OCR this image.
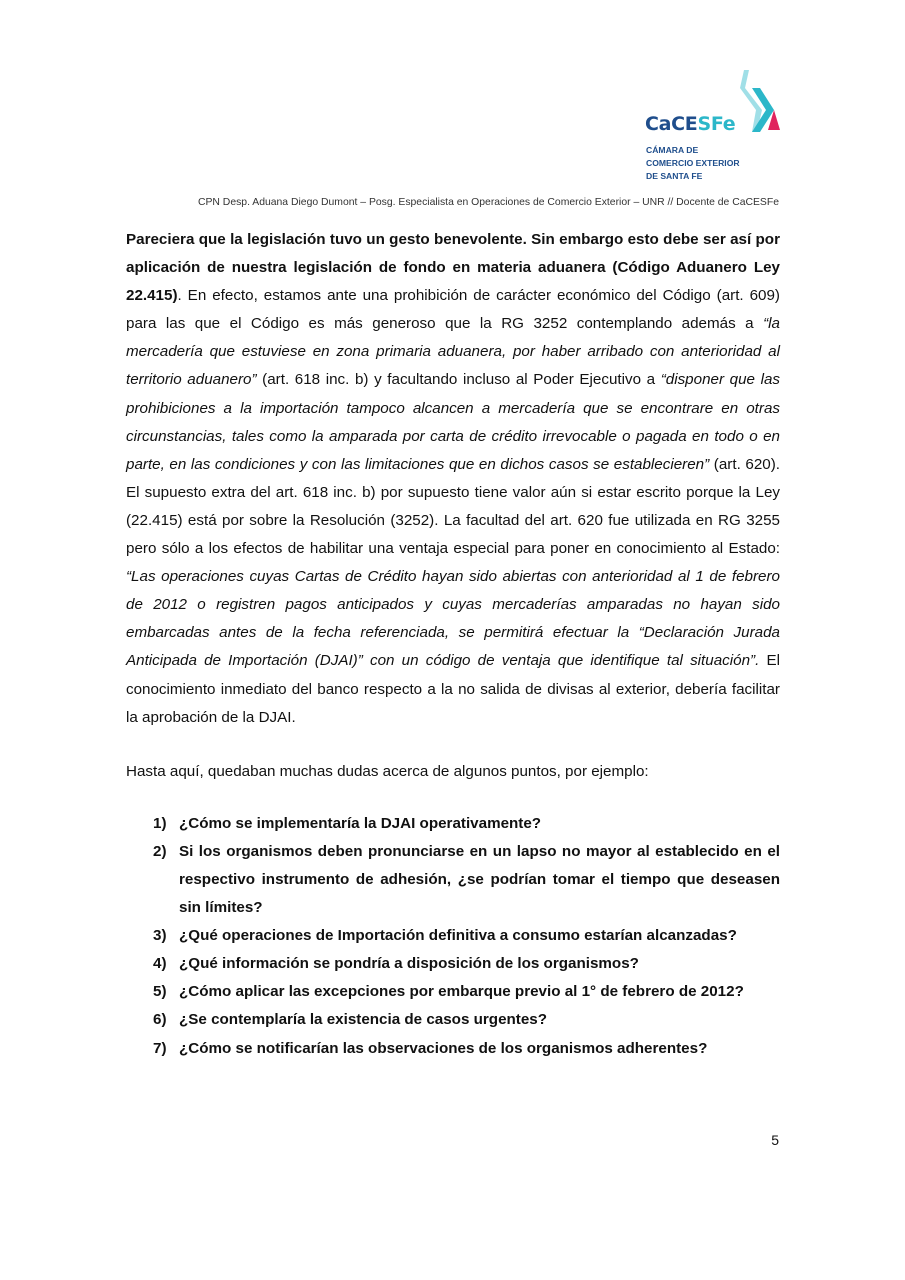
CaCESFe
CÁMARA DE
COMERCIO EXTERIOR
DE SANTA FE
CPN Desp. Aduana Diego Dumont – Posg. Especialista en Operaciones de Comercio Exterior – UNR // Docente de CaCESFe

Pareciera que la legislación tuvo un gesto benevolente. Sin embargo esto debe ser así por aplicación de nuestra legislación de fondo en materia aduanera (Código Aduanero Ley 22.415). En efecto, estamos ante una prohibición de carácter económico del Código (art. 609) para las que el Código es más generoso que la RG 3252 contemplando además a “la mercadería que estuviese en zona primaria aduanera, por haber arribado con anterioridad al territorio aduanero” (art. 618 inc. b) y facultando incluso al Poder Ejecutivo a “disponer que las prohibiciones a la importación tampoco alcancen a mercadería que se encontrare en otras circunstancias, tales como la amparada por carta de crédito irrevocable o pagada en todo o en parte, en las condiciones y con las limitaciones que en dichos casos se establecieren” (art. 620). El supuesto extra del art. 618 inc. b) por supuesto tiene valor aún si estar escrito porque la Ley (22.415) está por sobre la Resolución (3252). La facultad del art. 620 fue utilizada en RG 3255 pero sólo a los efectos de habilitar una ventaja especial para poner en conocimiento al Estado: “Las operaciones cuyas Cartas de Crédito hayan sido abiertas con anterioridad al 1 de febrero de 2012 o registren pagos anticipados y cuyas mercaderías amparadas no hayan sido embarcadas antes de la fecha referenciada, se permitirá efectuar la “Declaración Jurada Anticipada de Importación (DJAI)” con un código de ventaja que identifique tal situación”. El conocimiento inmediato del banco respecto a la no salida de divisas al exterior, debería facilitar la aprobación de la DJAI.

Hasta aquí, quedaban muchas dudas acerca de algunos puntos, por ejemplo:

1) ¿Cómo se implementaría la DJAI operativamente?
2) Si los organismos deben pronunciarse en un lapso no mayor al establecido en el respectivo instrumento de adhesión, ¿se podrían tomar el tiempo que deseasen sin límites?
3) ¿Qué operaciones de Importación definitiva a consumo estarían alcanzadas?
4) ¿Qué información se pondría a disposición de los organismos?
5) ¿Cómo aplicar las excepciones por embarque previo al 1° de febrero de 2012?
6) ¿Se contemplaría la existencia de casos urgentes?
7) ¿Cómo se notificarían las observaciones de los organismos adherentes?
5
